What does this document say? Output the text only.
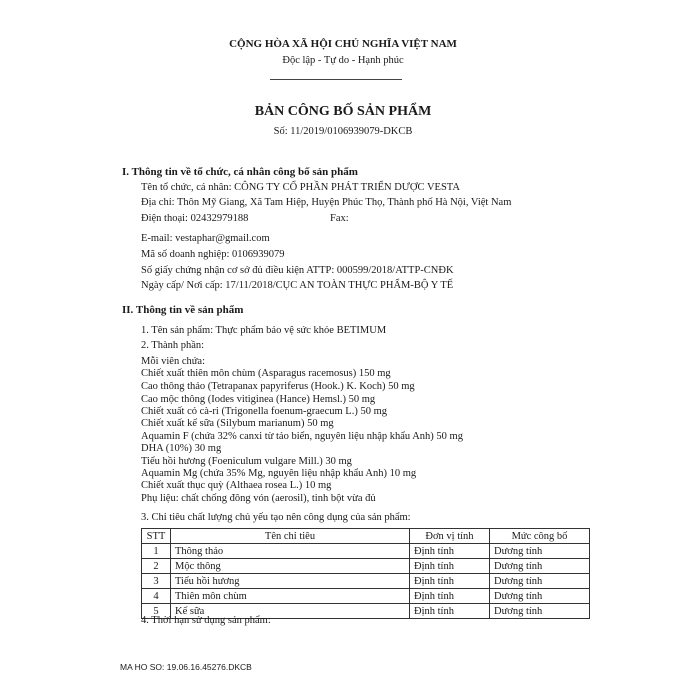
CỘNG HÒA XÃ HỘI CHỦ NGHĨA VIỆT NAM
Độc lập - Tự do - Hạnh phúc
BẢN CÔNG BỐ SẢN PHẨM
Số: 11/2019/0106939079-DKCB
I. Thông tin về tổ chức, cá nhân công bố sản phẩm
Tên tổ chức, cá nhân: CÔNG TY CỔ PHẦN PHÁT TRIỂN DƯỢC VESTA
Địa chỉ: Thôn Mỹ Giang, Xã Tam Hiệp, Huyện Phúc Thọ, Thành phố Hà Nội, Việt Nam
Điện thoại: 02432979188	Fax:
E-mail: vestaphar@gmail.com
Mã số doanh nghiệp: 0106939079
Số giấy chứng nhận cơ sở đủ điều kiện ATTP: 000599/2018/ATTP-CNĐK
Ngày cấp/ Nơi cấp: 17/11/2018/CỤC AN TOÀN THỰC PHẨM-BỘ Y TẾ
II. Thông tin về sản phẩm
1. Tên sản phẩm: Thực phẩm bảo vệ sức khỏe BETIMUM
2. Thành phần:
Mỗi viên chứa:
Chiết xuất thiên môn chùm (Asparagus racemosus) 150 mg
Cao thông thảo (Tetrapanax papyriferus (Hook.) K. Koch) 50 mg
Cao mộc thông (Iodes vitiginea (Hance) Hemsl.) 50 mg
Chiết xuất cỏ cà-ri (Trigonella foenum-graecum L.) 50 mg
Chiết xuất kế sữa (Silybum marianum) 50 mg
Aquamin F (chứa 32% canxi từ tảo biển, nguyên liệu nhập khẩu Anh) 50 mg
DHA (10%) 30 mg
Tiểu hồi hương (Foeniculum vulgare Mill.) 30 mg
Aquamin Mg (chứa 35% Mg, nguyên liệu nhập khẩu Anh) 10 mg
Chiết xuất thục quỳ (Althaea rosea L.) 10 mg
Phụ liệu: chất chống đông vón (aerosil), tinh bột vừa đủ
3. Chỉ tiêu chất lượng chủ yếu tạo nên công dụng của sản phẩm:
STT	Tên chỉ tiêu	Đơn vị tính	Mức công bố
1	Thông thảo	Định tính	Dương tính
2	Mộc thông	Định tính	Dương tính
3	Tiểu hồi hương	Định tính	Dương tính
4	Thiên môn chùm	Định tính	Dương tính
5	Kế sữa	Định tính	Dương tính
4. Thời hạn sử dụng sản phẩm:
MA HO SO: 19.06.16.45276.DKCB
